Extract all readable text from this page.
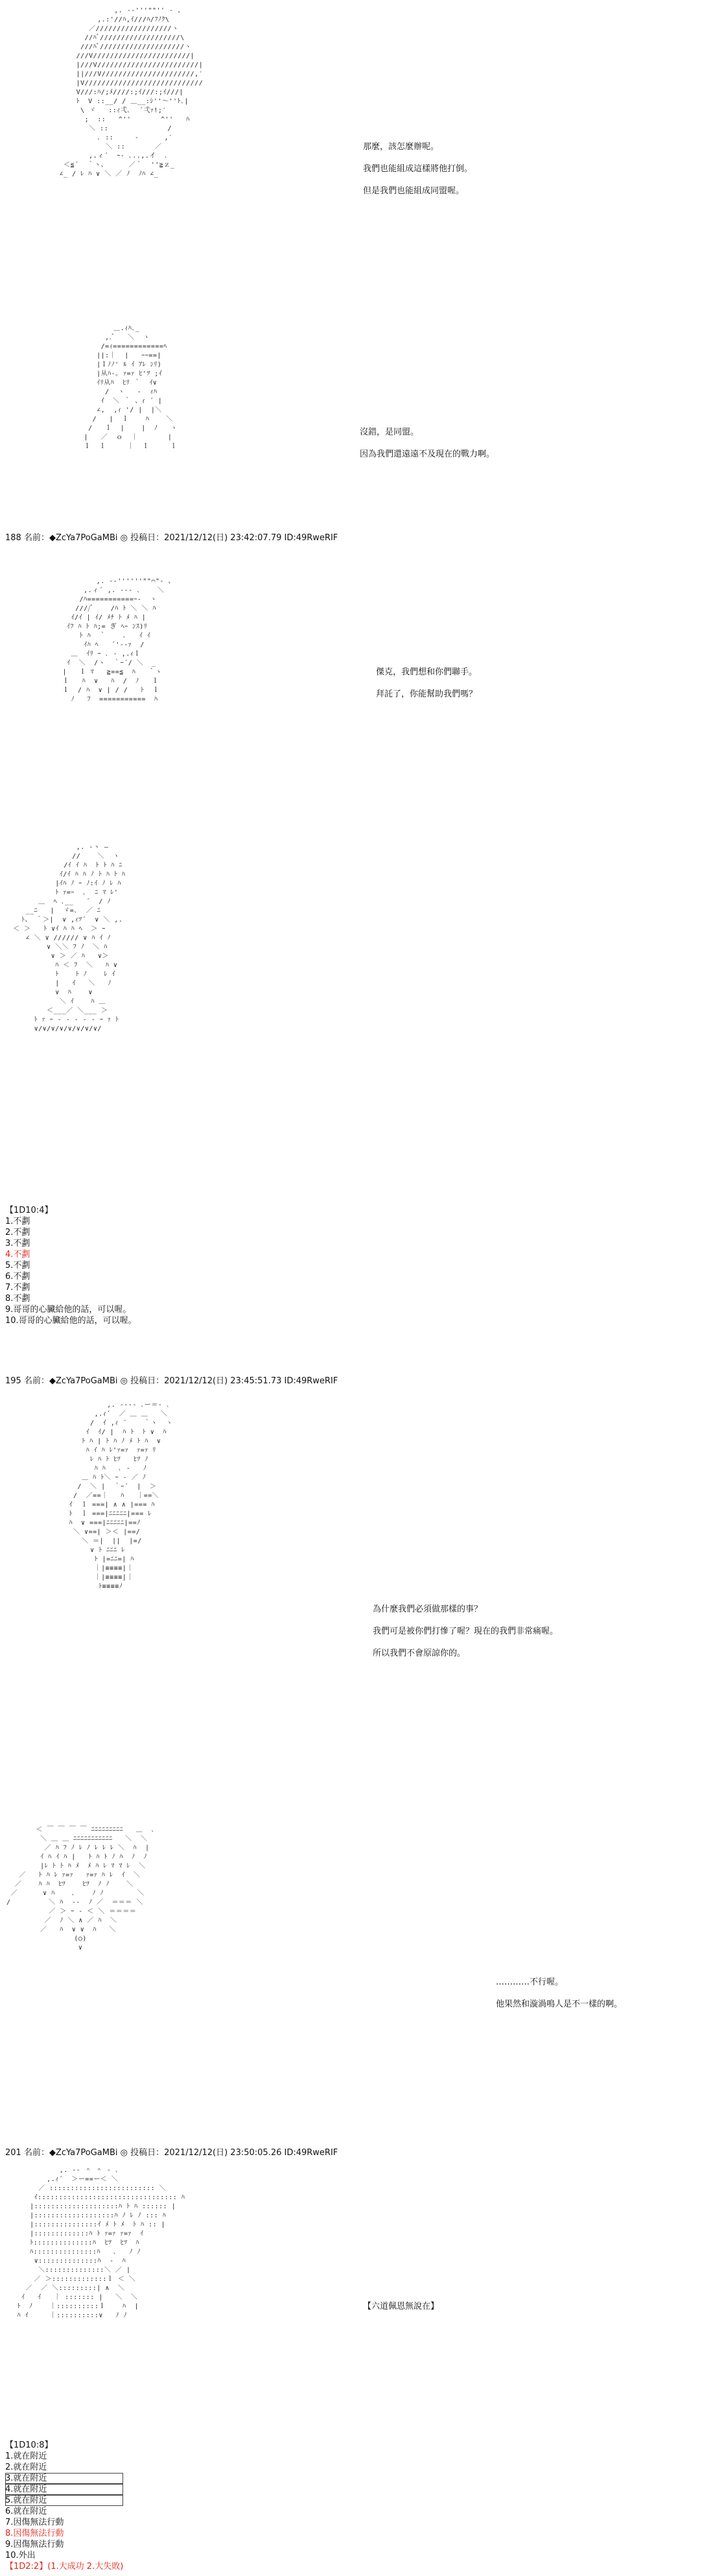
,. -‐'''""'' ‐ 、
,.:'//ﾊ,ｲ///ﾊ/ﾌﾉｸ\
／//////////////////ヽ
//ﾊﾞ///////////////////\
///ﾊﾞ////////////////////ヽ
///V///////////////////////|
|///V////////////////////////|
||///V//////////////////////,′
|V////////////////////////////
V///:ﾊ/;ﾒ////:;ｲ///:;ｲ///|
ﾄ  V ::__/ / ＿__:ｼ''～''ﾄ､|
\ ヾ   ::ｨ弌､  ´弌ｧ!;′
;  ::   ^''       ^''   ﾊ
＼ ::              /
､ ::     ‐      ,′
＼ ::       ／
,.ィ´  ｰ- ､..,.イ  ､
＜≦´  ｀ヽ、     ／｀  ''≧ｚ_
∠_ / ﾚ ﾊ ∨ ＼ ／ ﾉ  ﾉﾊ ∠_
那麼，該怎麼辦呢。
我們也能組成這樣將他打倒。
但是我們也能組成同盟喔。
＿.ｨﾊ､_
,.ﾞ   ＼  ヽ
/=ｨ============ﾍ
||:｜  |   ｰｰ==|
|ｌﾉﾉ' ﾙ ｲ ｱﾚ ﾝﾘ)
|从ﾊ-｡ ｧ=ｧ ﾋ'ﾂ ;ｲ
ｲﾘ从ﾊ  ﾋﾘ ｀  ｲ∨
/  ヽ   ‐  ｨﾊ
ｲ  ＼ ｀ 、ｨ ´ |
∠,  ,ｨ '/ |  |＼
/   |  ｌ    ﾊ    ＼
/   ｌ  |    |  ﾉ   ヽ
|   ／  ｏ  ｜       |
ｌ  ｌ     ｜  ｌ     ｌ
沒錯，是同盟。
因為我們還遠遠不及現在的戰力啊。
188 名前：◆ZcYa7PoGaMBi ◎ 投稿日：2021/12/12(日) 23:42:07.79 ID:49RweRIF
,. -‐''''''""⌒"‐ 、
,.ィ´ ,. -‐‐ ､    ＼
/ﾊ===========ｰ-  ヽ
////ﾞ    /ﾊ ﾄ ＼ ＼ ﾊ
ｲ/ｲ | ｲ/ ﾒﾁ ﾄ ﾒ ﾊ |
ｲﾌ ﾊ ﾄ ﾊ;= ぎ ﾍｰ ﾝｽ)ﾘ
ﾄ ﾊ  ｀    ､   ｲ ｲ
ｲﾊ ﾍ   ´'‐‐ｧ  /
＿  ｲﾘ ｰ ､ ‐ ,.ｨｌ
ｲ  ＼  /ヽ  ｀ｰ´/ ＼  _
|   ｌ ﾏ   ≧==≦  ﾊ   ｀ヽ
ｌ   ﾊ  ∨   ﾊ  /  ﾉ   ｌ
ｌ  / ﾊ  ∨ | / /   ﾄ  ｌ
ﾉ   ﾌ  ===========  ﾊ
傑克，我們想和你們聯手。
拜託了，你能幫助我們嗎？
,. -ヽ ―
//    ＼  ヽ
/ｲ ｲ ﾊ  ﾄ ﾄ ﾊ ﾆ
ｲ/ｲ ﾊ ﾊ ﾉ ﾄ ﾊ ﾄ ﾊ
|ｲﾊ ﾉ ｰ ﾉ:ｲ ﾉ ﾚ ﾊ
ﾄ ｧ=ｰ  ､  ﾆ ﾏ ﾚ'
＿  ﾍ ､__   ´  / ﾉ
__ﾆ   |  ゞ=､  ／ ﾆ
ﾄ、 ｀＞|  ∨ ,ｨﾂ´  ∨ ＼ ,.
＜ ＞   ﾄ ∨ｲ ﾊ ﾊ ﾍ  ＞ ｰ
∠ ＼ ∨ ////// ∨ ﾊ ｲ ﾉ
∨ ＼＼ ﾌ ﾉ  ＼ ﾊ
∨ ＞ ／ ﾊ   ∨＞
ﾊ ＜ ﾌ  ＼   ﾊ ∨
ﾄ    ﾄ ﾉ    ﾚ ｲ
|   ｲ   ＼   ﾉ
∨  ﾊ    ∨
＼ ｲ    ﾊ ＿
＜___／ ＼___ ＞
ﾄ ｧ ｰ ‐ ‐ ‐ ‐ ‐ ｰ ｧ ﾄ
∨/∨/∨/∨/∨/∨/∨/∨/
【1D10:4】
1.不劃
2.不劃
3.不劃
4.不劃
5.不劃
6.不劃
7.不劃
8.不劃
9.哥哥的心臟給他的話，可以喔。
10.哥哥的心臟給他的話，可以喔。
195 名前：◆ZcYa7PoGaMBi ◎ 投稿日：2021/12/12(日) 23:45:51.73 ID:49RweRIF
,. -‐‐‐ ､ー＝- ､
,.ｨ´  ／ ＿ ＿   ＼
/  ｲ ,ｨ ´    ｀ヽ  ヽ
ｲ  ｲ/ |  ﾊ ﾄ  ﾄ ∨  ﾊ
ﾄ ﾊ | ﾄ ﾊ ﾉ ﾒ ﾄ ﾊ  ∨
ﾊ ｲ ﾊ ﾚ'ｧ=ｧ  ｧ=ｧ ﾘ
ﾚ ﾊ ﾄ ﾋﾂ   ﾋﾂ ﾉ
ﾊ ﾊ   ､ ‐   ﾉ
＿ ﾊ ﾄ＼ ｰ ‐ ／ ﾉ
/  ＼ |  ｀ｰ´  |  ＞
/  ／==｜   ﾊ   ｜==＼
ｲ  ｌ ===| ∧ ∧ |=== ﾊ
ﾄ  ｌ ===|ﾆﾆﾆﾆﾆ|=== ﾚ
ﾊ  ∨ ===|ﾆﾆﾆﾆﾆ|==ﾉ
＼ ∨==| ＞＜ |==/
＼ ＝|  ||  |=/
∨ ﾄ ﾆﾆﾆ ﾚ
ﾄ |=ﾆﾆ=| ﾊ
｜|≡≡≡≡|｜
｜|≡≡≡≡|｜
ﾄ≡≡≡≡ﾉ
為什麼我們必須做那樣的事？
我們可是被你們打慘了喔？現在的我們非常痛喔。
所以我們不會原諒你的。
＜ ￣ ￣ ￣ ￣ ﾆﾆﾆﾆﾆﾆﾆﾆﾆ   ＿  ､
＼ ＿ ＿ ﾆﾆﾆﾆﾆﾆﾆﾆﾆﾆﾆ   ＼  ＼
／ ﾊ ﾌ ﾉ ﾚ ﾉ ﾚ ﾚ ﾚ ＼  ﾊ  |
ｲ ﾊ ｲ ﾊ |   ﾄ ﾊ ﾄ ﾉ ﾊ  ﾉ  ﾉ
|ﾚ ﾄ ﾄ ﾊ ﾒ  ﾒ ﾊ ﾚ ﾏ ﾏ ﾚ  ＼
／   ﾄ ﾊ ﾚ ｧ=ｧ   ｧ=ｧ ﾊ ﾚ  ｲ  ＼
／    ﾊ ﾊ  ﾋﾂ    ﾋﾂ  ﾉ ﾉ    ＼
／      ∨ ﾊ    ､    ﾉ ﾉ        ＼
/         ＼ ﾊ  ‐‐  ﾉ ／  ＝＝＝ ＼
／ ＞ ｰ ‐ ＜ ＼ ＝＝＝＝
／  ﾉ ＼ ∧ ／ ﾊ  ＼
／   ﾊ  ∨ ∨  ﾊ   ＼
(○)
∨
…………不行喔。
他果然和漩渦鳴人是不一樣的啊。
201 名前：◆ZcYa7PoGaMBi ◎ 投稿日：2021/12/12(日) 23:50:05.26 ID:49RweRIF
,. -‐ ＾ ＾ ‐ ､
,.ｨ´  ＞ー==ー＜ ＼
／ ::::::::::::::::::::::::: ＼
ｲ::::::::::::::::::::::::::::::::: ﾊ
|::::::::::::::::::::ﾊ ﾄ ﾊ :::::: |
|:::::::::::::::::::ﾊ ﾉ ﾚ ﾉ ::: ﾊ
|:::::::::::::::ｲ ﾒ ﾄ ﾒ  ﾄ ﾊ :: |
|:::::::::::::ﾊ ﾄ ｧ=ｧ ｧ=ｧ  ｲ
ﾄ::::::::::::::ﾊ  ﾋﾂ  ﾋﾂ  ﾊ
ﾊ:::::::::::::::ﾊ   ､   ﾉ ﾉ
∨::::::::::::::ﾊ  ‐  ﾊ
＼::::::::::::::＼ ／ |
／ ＞:::::::::::::ｌ ＜ ＼
／  ／ ＼:::::::::| ∧  ＼
ｲ   ｲ   ｜ ::::::: |   ＼  ＼
ﾄ  ﾉ    ｜::::::::::ｌ    ﾊ  |
ﾊ ｲ     ｜::::::::::∨   ﾉ ﾉ
【六道佩恩無說在】
【1D10:8】
1.就在附近
2.就在附近
3.就在附近
4.就在附近
5.就在附近
6.就在附近
7.因傷無法行動
8.因傷無法行動
9.因傷無法行動
10.外出
【1D2:2】(1.大成功 2.大失敗)
